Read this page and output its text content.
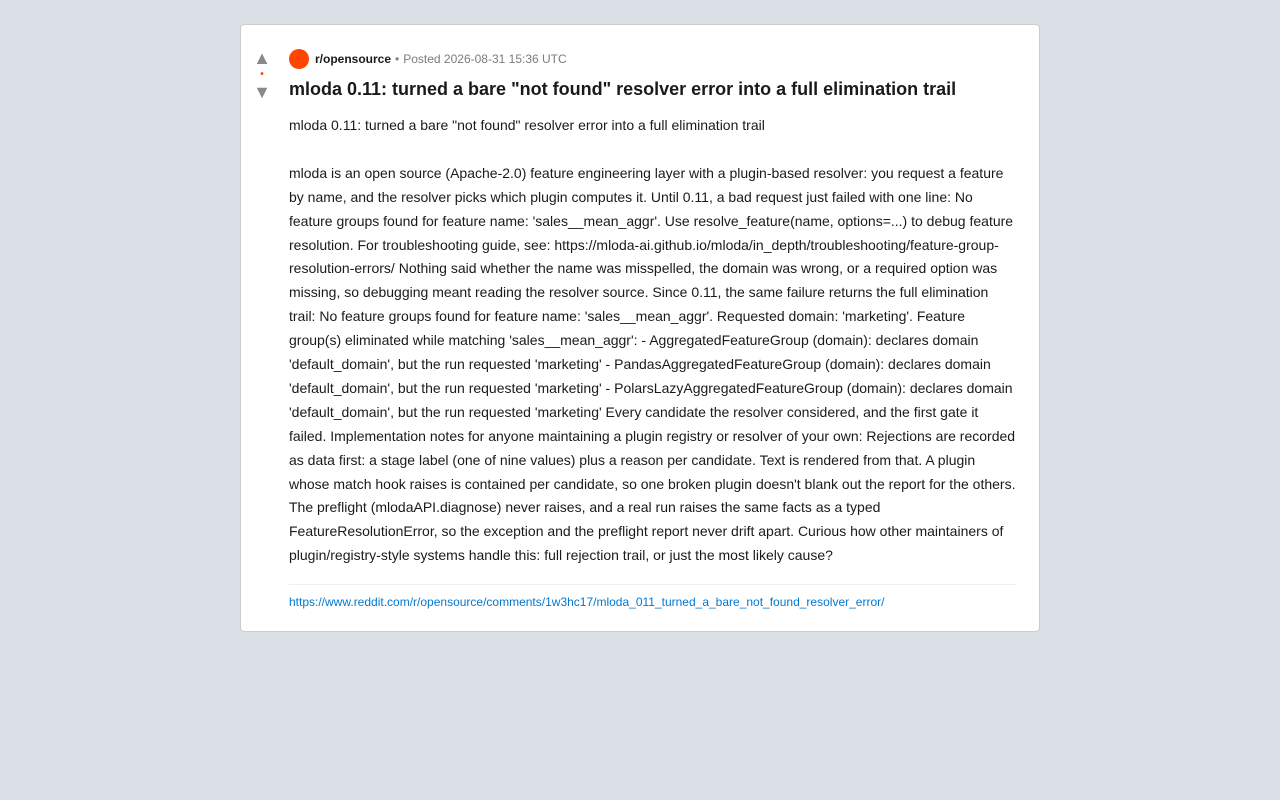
▲
•
▼
r/opensource • Posted 2026-08-31 15:36 UTC
mloda 0.11: turned a bare "not found" resolver error into a full elimination trail

mloda 0.11: turned a bare "not found" resolver error into a full elimination trail

mloda is an open source (Apache-2.0) feature engineering layer with a plugin-based resolver: you request a feature by name, and the resolver picks which plugin computes it. Until 0.11, a bad request just failed with one line: No feature groups found for feature name: 'sales__mean_aggr'. Use resolve_feature(name, options=...) to debug feature resolution. For troubleshooting guide, see: https://mloda-ai.github.io/mloda/in_depth/troubleshooting/feature-group-resolution-errors/ Nothing said whether the name was misspelled, the domain was wrong, or a required option was missing, so debugging meant reading the resolver source. Since 0.11, the same failure returns the full elimination trail: No feature groups found for feature name: 'sales__mean_aggr'. Requested domain: 'marketing'. Feature group(s) eliminated while matching 'sales__mean_aggr': - AggregatedFeatureGroup (domain): declares domain 'default_domain', but the run requested 'marketing' - PandasAggregatedFeatureGroup (domain): declares domain 'default_domain', but the run requested 'marketing' - PolarsLazyAggregatedFeatureGroup (domain): declares domain 'default_domain', but the run requested 'marketing' Every candidate the resolver considered, and the first gate it failed. Implementation notes for anyone maintaining a plugin registry or resolver of your own: Rejections are recorded as data first: a stage label (one of nine values) plus a reason per candidate. Text is rendered from that. A plugin whose match hook raises is contained per candidate, so one broken plugin doesn't blank out the report for the others. The preflight (mlodaAPI.diagnose) never raises, and a real run raises the same facts as a typed FeatureResolutionError, so the exception and the preflight report never drift apart. Curious how other maintainers of plugin/registry-style systems handle this: full rejection trail, or just the most likely cause?

https://www.reddit.com/r/opensource/comments/1w3hc17/mloda_011_turned_a_bare_not_found_resolver_error/
